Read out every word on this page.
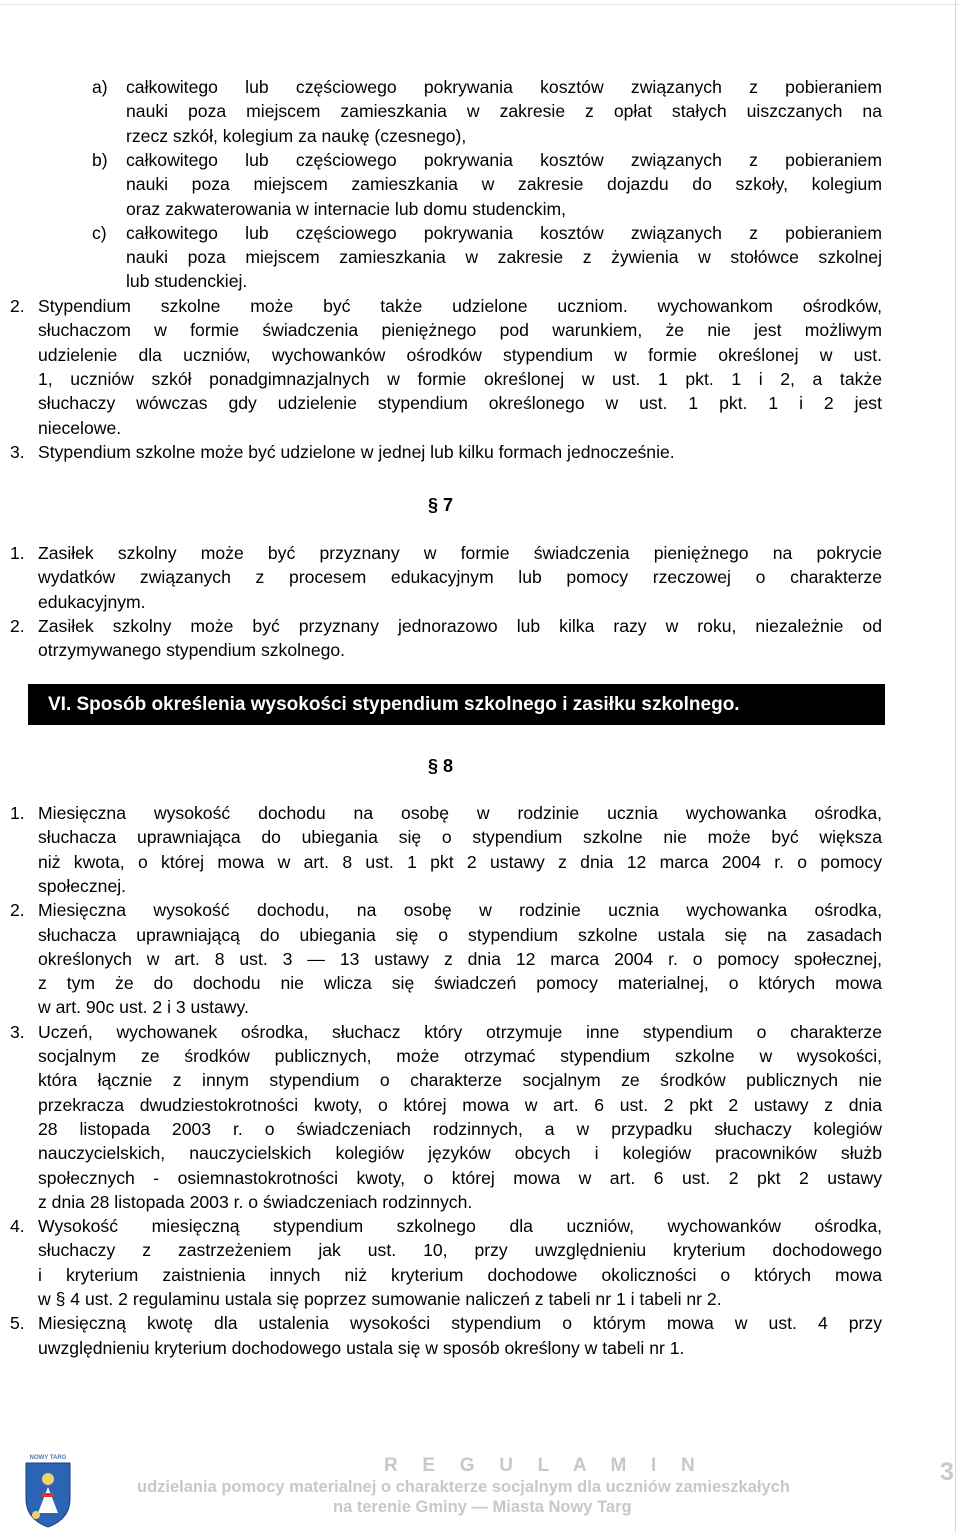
a) całkowitego lub częściowego pokrywania kosztów związanych z pobieraniem
nauki poza miejscem zamieszkania w zakresie z opłat stałych uiszczanych na
rzecz szkół, kolegium za naukę (czesnego),
b) całkowitego lub częściowego pokrywania kosztów związanych z pobieraniem
nauki poza miejscem zamieszkania w zakresie dojazdu do szkoły, kolegium
oraz zakwaterowania w internacie lub domu studenckim,
c) całkowitego lub częściowego pokrywania kosztów związanych z pobieraniem
nauki poza miejscem zamieszkania w zakresie z żywienia w stołówce szkolnej
lub studenckiej.
2. Stypendium szkolne może być także udzielone uczniom. wychowankom ośrodków,
słuchaczom w formie świadczenia pieniężnego pod warunkiem, że nie jest możliwym
udzielenie dla uczniów, wychowanków ośrodków stypendium w formie określonej w ust.
1, uczniów szkół ponadgimnazjalnych w formie określonej w ust. 1 pkt. 1 i 2, a także
słuchaczy wówczas gdy udzielenie stypendium określonego w ust. 1 pkt. 1 i 2 jest
niecelowe.
3. Stypendium szkolne może być udzielone w jednej lub kilku formach jednocześnie.
1. Zasiłek szkolny może być przyznany w formie świadczenia pieniężnego na pokrycie
wydatków związanych z procesem edukacyjnym lub pomocy rzeczowej o charakterze
edukacyjnym.
2. Zasiłek szkolny może być przyznany jednorazowo lub kilka razy w roku, niezależnie od
otrzymywanego stypendium szkolnego.
1. Miesięczna wysokość dochodu na osobę w rodzinie ucznia wychowanka ośrodka,
słuchacza uprawniająca do ubiegania się o stypendium szkolne nie może być większa
niż kwota, o której mowa w art. 8 ust. 1 pkt 2 ustawy z dnia 12 marca 2004 r. o pomocy
społecznej.
2. Miesięczna wysokość dochodu, na osobę w rodzinie ucznia wychowanka ośrodka,
słuchacza uprawniającą do ubiegania się o stypendium szkolne ustala się na zasadach
określonych w art. 8 ust. 3 — 13 ustawy z dnia 12 marca 2004 r. o pomocy społecznej,
z tym że do dochodu nie wlicza się świadczeń pomocy materialnej, o których mowa
w art. 90c ust. 2 i 3 ustawy.
3. Uczeń, wychowanek ośrodka, słuchacz który otrzymuje inne stypendium o charakterze
socjalnym ze środków publicznych, może otrzymać stypendium szkolne w wysokości,
która łącznie z innym stypendium o charakterze socjalnym ze środków publicznych nie
przekracza dwudziestokrotności kwoty, o której mowa w art. 6 ust. 2 pkt 2 ustawy z dnia
28 listopada 2003 r. o świadczeniach rodzinnych, a w przypadku słuchaczy kolegiów
nauczycielskich, nauczycielskich kolegiów języków obcych i kolegiów pracowników służb
społecznych - osiemnastokrotności kwoty, o której mowa w art. 6 ust. 2 pkt 2 ustawy
z dnia 28 listopada 2003 r. o świadczeniach rodzinnych.
4. Wysokość miesięczną stypendium szkolnego dla uczniów, wychowanków ośrodka,
słuchaczy z zastrzeżeniem jak ust. 10, przy uwzględnieniu kryterium dochodowego
i kryterium zaistnienia innych niż kryterium dochodowe okoliczności o których mowa
w § 4 ust. 2 regulaminu ustala się poprzez sumowanie naliczeń z tabeli nr 1 i tabeli nr 2.
5. Miesięczną kwotę dla ustalenia wysokości stypendium o którym mowa w ust. 4 przy
uwzględnieniu kryterium dochodowego ustala się w sposób określony w tabeli nr 1.
VI. Sposób określenia wysokości stypendium szkolnego i zasiłku szkolnego.
§ 7
§ 8
NOWY TARG	R E G U L A M I N
udzielania pomocy materialnej o charakterze socjalnym dla uczniów zamieszkałych
na terenie Gminy — Miasta Nowy Targ
3
